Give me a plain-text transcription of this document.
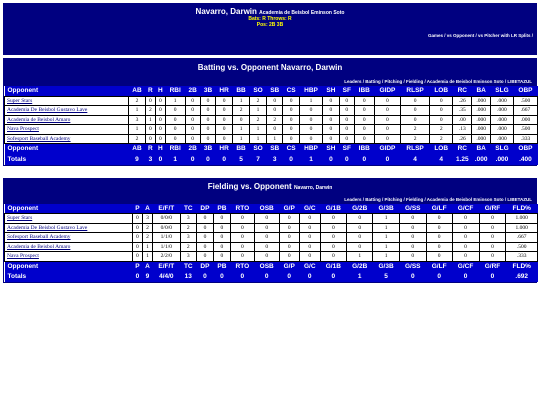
Navarro, Darwin Academia de Beisbol Eminson Soto
Bats: R Throws: R
Pos: 2B 3B
Games / vs Opponent / vs Pitcher with LR Splits /
Batting vs. Opponent Navarro, Darwin
Leaders / Batting / Pitching / Fielding / Academia de Beisbol Eminson Soto / LIBETAZUL
Opponent	AB	R	H	RBI	2B	3B	HR	BB	SO	SB	CS	HBP	SH	SF	IBB	GIDP	RLSP	LOB	RC	BA	SLG	OBP
Super Stars	2	0	0	1	0	0	0	1	2	0	0	1	0	0	0	0	0	0	.26	.000	.000	.500
Academia De Beisbol Gustavo Lave	1	2	0	0	0	0	0	2	1	0	0	0	0	0	0	0	0	0	.35	.000	.000	.667
Academia de Beisbol Amaro	3	1	0	0	0	0	0	0	2	2	0	0	0	0	0	0	0	0	.00	.000	.000	.000
Nava Prospect	1	0	0	0	0	0	0	1	1	0	0	0	0	0	0	0	2	2	.13	.000	.000	.500
Sofesport Baseball Academy	2	0	0	0	0	0	0	1	1	1	0	0	0	0	0	0	2	2	.26	.000	.000	.333
Opponent	AB	R	H	RBI	2B	3B	HR	BB	SO	SB	CS	HBP	SH	SF	IBB	GIDP	RLSP	LOB	RC	BA	SLG	OBP
Totals	9	3	0	1	0	0	0	5	7	3	0	1	0	0	0	0	4	4	1.25	.000	.000	.400
Fielding vs. Opponent Navarro, Darwin
Leaders / Batting / Pitching / Fielding / Academia de Beisbol Eminson Soto / LIBETAZUL
Opponent	P	A	E/F/T	TC	DP	PB	RTO	OSB	G/P	G/C	G/1B	G/2B	G/3B	G/SS	G/LF	G/CF	G/RF	FLD%
Super Stars	0	3	0/0/0	3	0	0	0	0	0	0	0	0	1	0	0	0	0	1.000
Academia De Beisbol Gustavo Lave	0	2	0/0/0	2	0	0	0	0	0	0	0	0	1	0	0	0	0	1.000
Sofesport Baseball Academy	0	2	1/1/0	3	0	0	0	0	0	0	0	0	1	0	0	0	0	.667
Academia de Beisbol Amaro	0	1	1/1/0	2	0	0	0	0	0	0	0	0	1	0	0	0	0	.500
Nava Prospect	0	1	2/2/0	3	0	0	0	0	0	0	0	1	1	0	0	0	0	.333
Opponent	P	A	E/F/T	TC	DP	PB	RTO	OSB	G/P	G/C	G/1B	G/2B	G/3B	G/SS	G/LF	G/CF	G/RF	FLD%
Totals	0	9	4/4/0	13	0	0	0	0	0	0	0	1	5	0	0	0	0	.692
